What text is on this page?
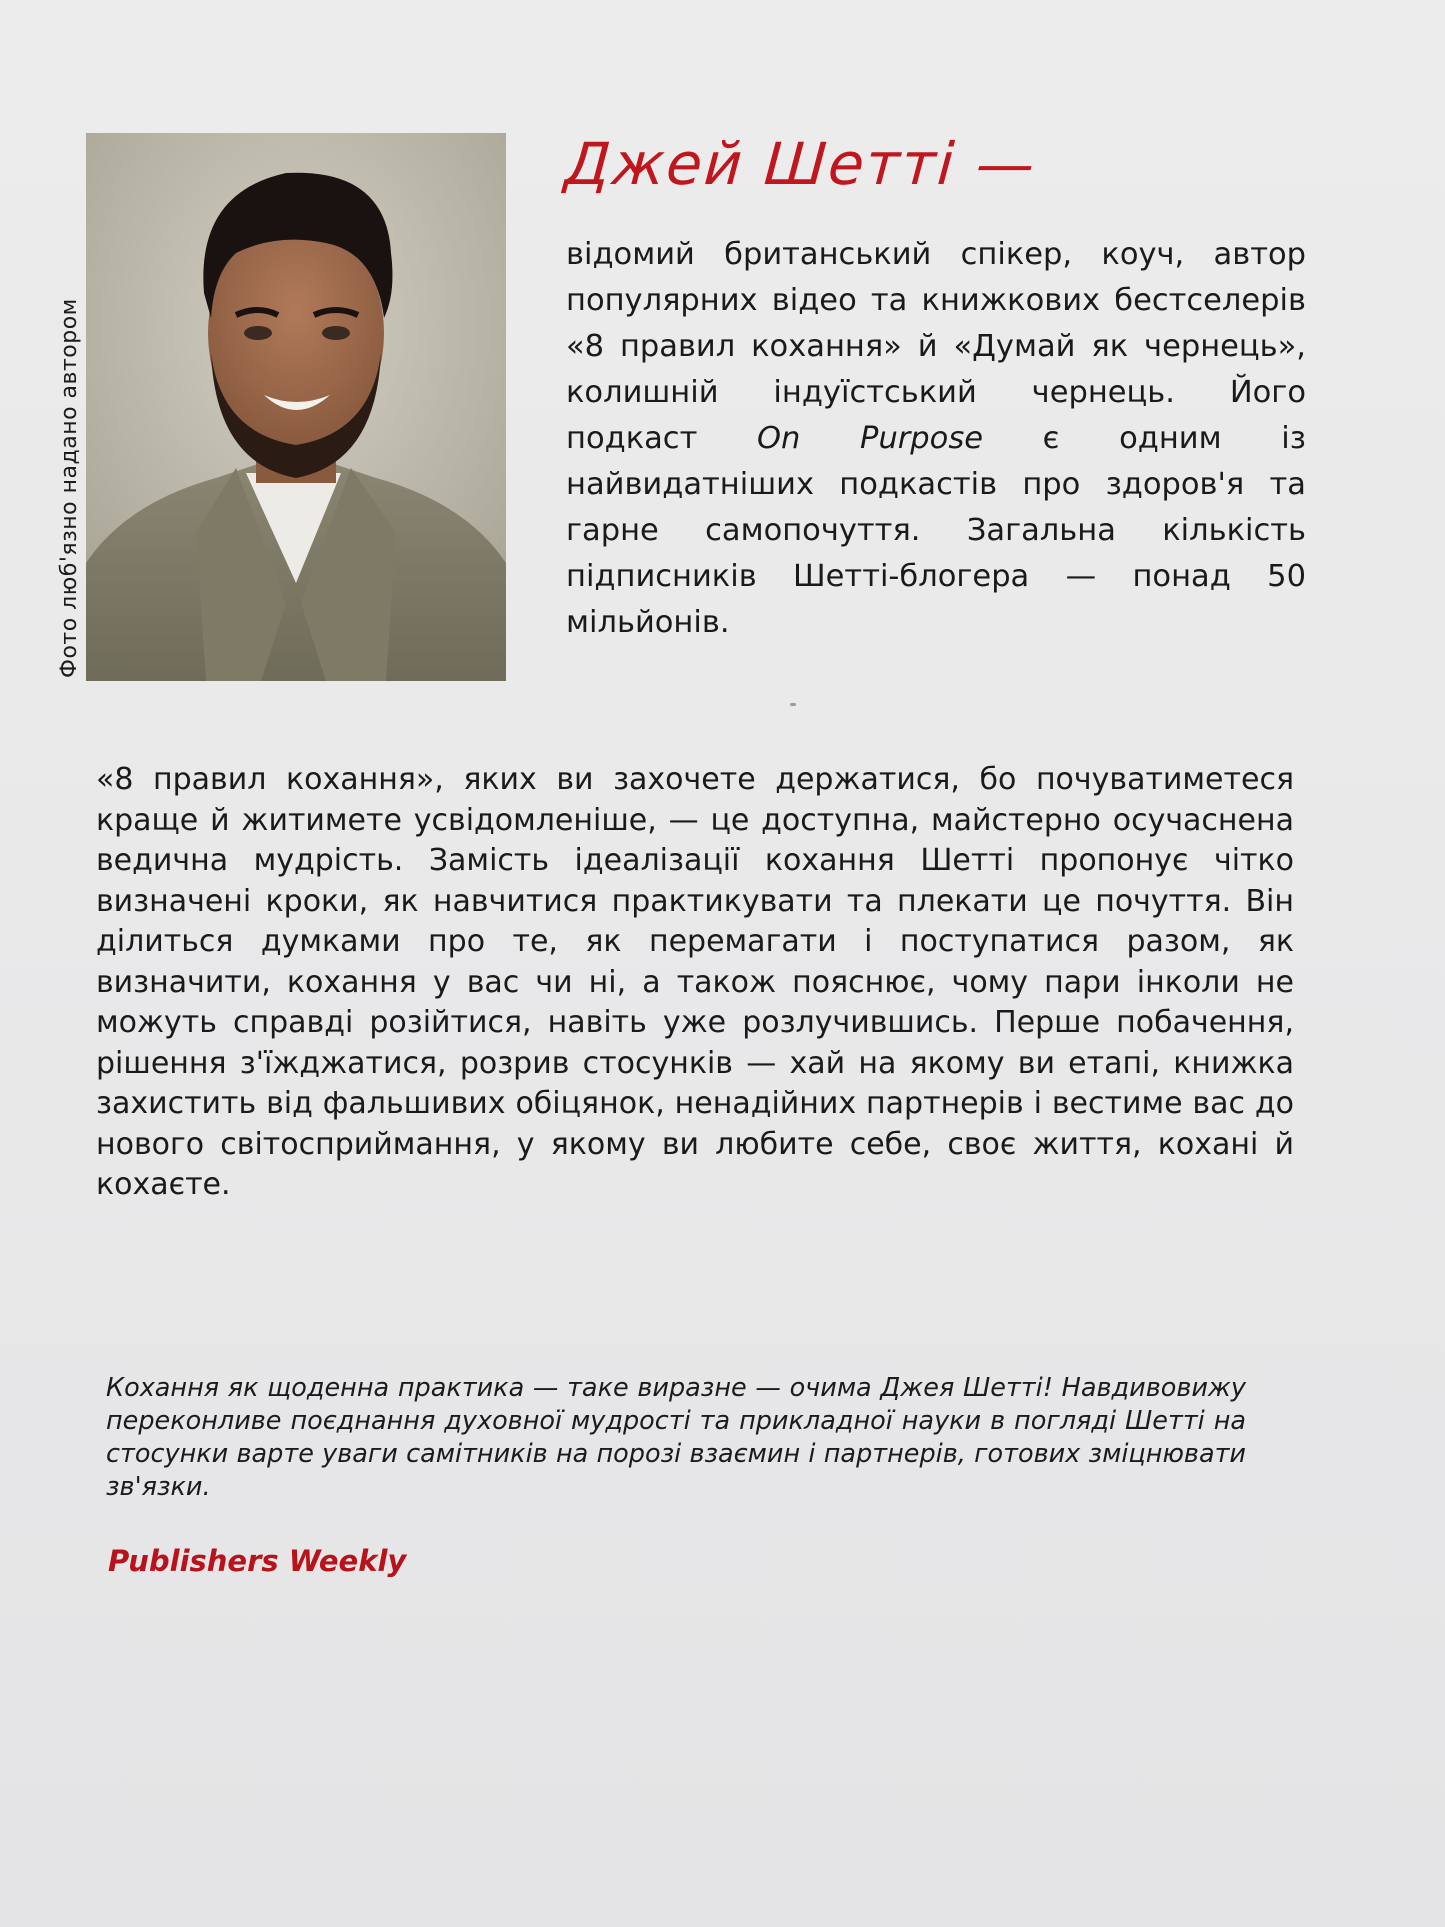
Фото люб'язно надано автором
Джей Шетті —
відомий британський спікер, коуч, автор популярних відео та книжкових бестселерів «8 правил кохання» й «Думай як чернець», колишній індуїстський чернець. Його подкаст On Purpose є одним із найвидатніших подкастів про здоров'я та гарне самопочуття. Загальна кількість підписників Шетті-блогера — понад 50 мільйонів.
«8 правил кохання», яких ви захочете держатися, бо почуватиметеся краще й житимете усвідомленіше, — це доступна, майстерно осучаснена ведична мудрість. Замість ідеалізації кохання Шетті пропонує чітко визначені кроки, як навчитися практикувати та плекати це почуття. Він ділиться думками про те, як перемагати і поступатися разом, як визначити, кохання у вас чи ні, а також пояснює, чому пари інколи не можуть справді розійтися, навіть уже розлучившись. Перше побачення, рішення з'їжджатися, розрив стосунків — хай на якому ви етапі, книжка захистить від фальшивих обіцянок, ненадійних партнерів і вестиме вас до нового світосприймання, у якому ви любите себе, своє життя, кохані й кохаєте.
Кохання як щоденна практика — таке виразне — очима Джея Шетті! Навдивовижу переконливе поєднання духовної мудрості та прикладної науки в погляді Шетті на стосунки варте уваги самітників на порозі взаємин і партнерів, готових зміцнювати зв'язки.
Publishers Weekly
